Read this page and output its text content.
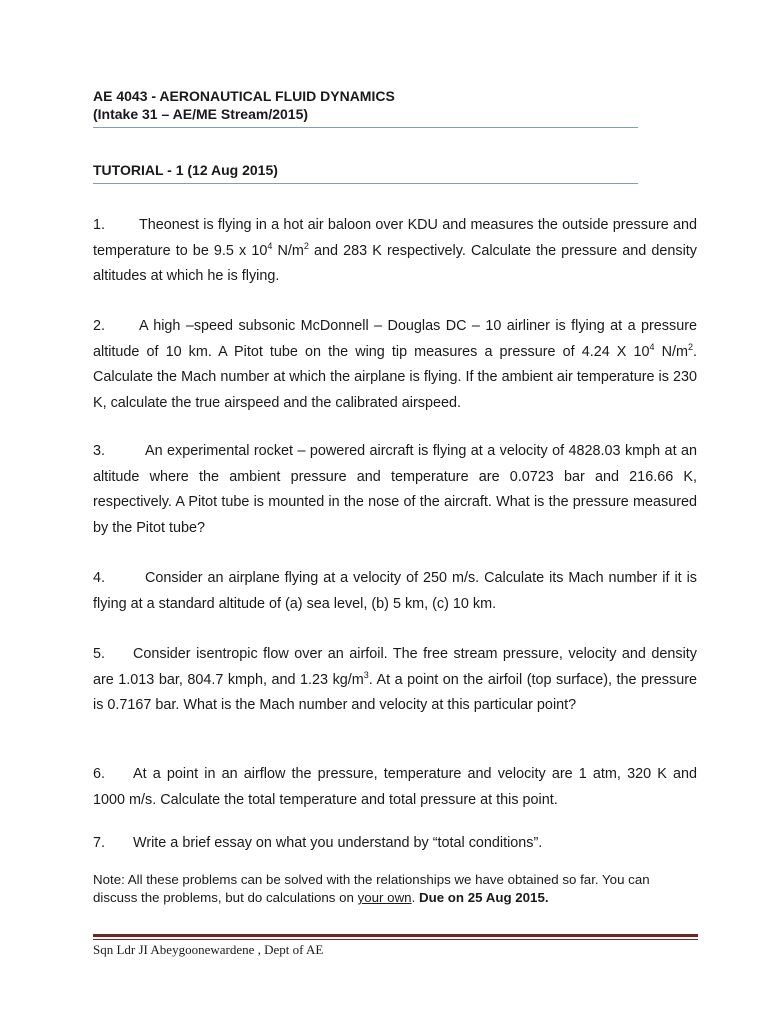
AE 4043 - AERONAUTICAL FLUID DYNAMICS
(Intake 31 – AE/ME Stream/2015)
TUTORIAL - 1 (12 Aug 2015)
1. Theonest is flying in a hot air baloon over KDU and measures the outside pressure and temperature to be 9.5 x $10^4$ $N/m^2$ and 283 K respectively. Calculate the pressure and density altitudes at which he is flying.
2. A high –speed subsonic McDonnell – Douglas DC – 10 airliner is flying at a pressure altitude of 10 km. A Pitot tube on the wing tip measures a pressure of 4.24 X $10^4$ $N/m^2$. Calculate the Mach number at which the airplane is flying. If the ambient air temperature is 230 K, calculate the true airspeed and the calibrated airspeed.
3.	An experimental rocket – powered aircraft is flying at a velocity of 4828.03 kmph at an altitude where the ambient pressure and temperature are 0.0723 bar and 216.66 K, respectively. A Pitot tube is mounted in the nose of the aircraft. What is the pressure measured by the Pitot tube?
4.	Consider an airplane flying at a velocity of 250 m/s. Calculate its Mach number if it is flying at a standard altitude of (a) sea level, (b) 5 km, (c) 10 km.
5. Consider isentropic flow over an airfoil. The free stream pressure, velocity and density are 1.013 bar, 804.7 kmph, and 1.23 $kg/m^3$. At a point on the airfoil (top surface), the pressure is 0.7167 bar. What is the Mach number and velocity at this particular point?
6. At a point in an airflow the pressure, temperature and velocity are 1 atm, 320 K and 1000 m/s. Calculate the total temperature and total pressure at this point.
7. Write a brief essay on what you understand by “total conditions”.
Note: All these problems can be solved with the relationships we have obtained so far. You can discuss the problems, but do calculations on your own. Due on 25 Aug 2015.
Sqn Ldr JI Abeygoonewardene , Dept of AE
